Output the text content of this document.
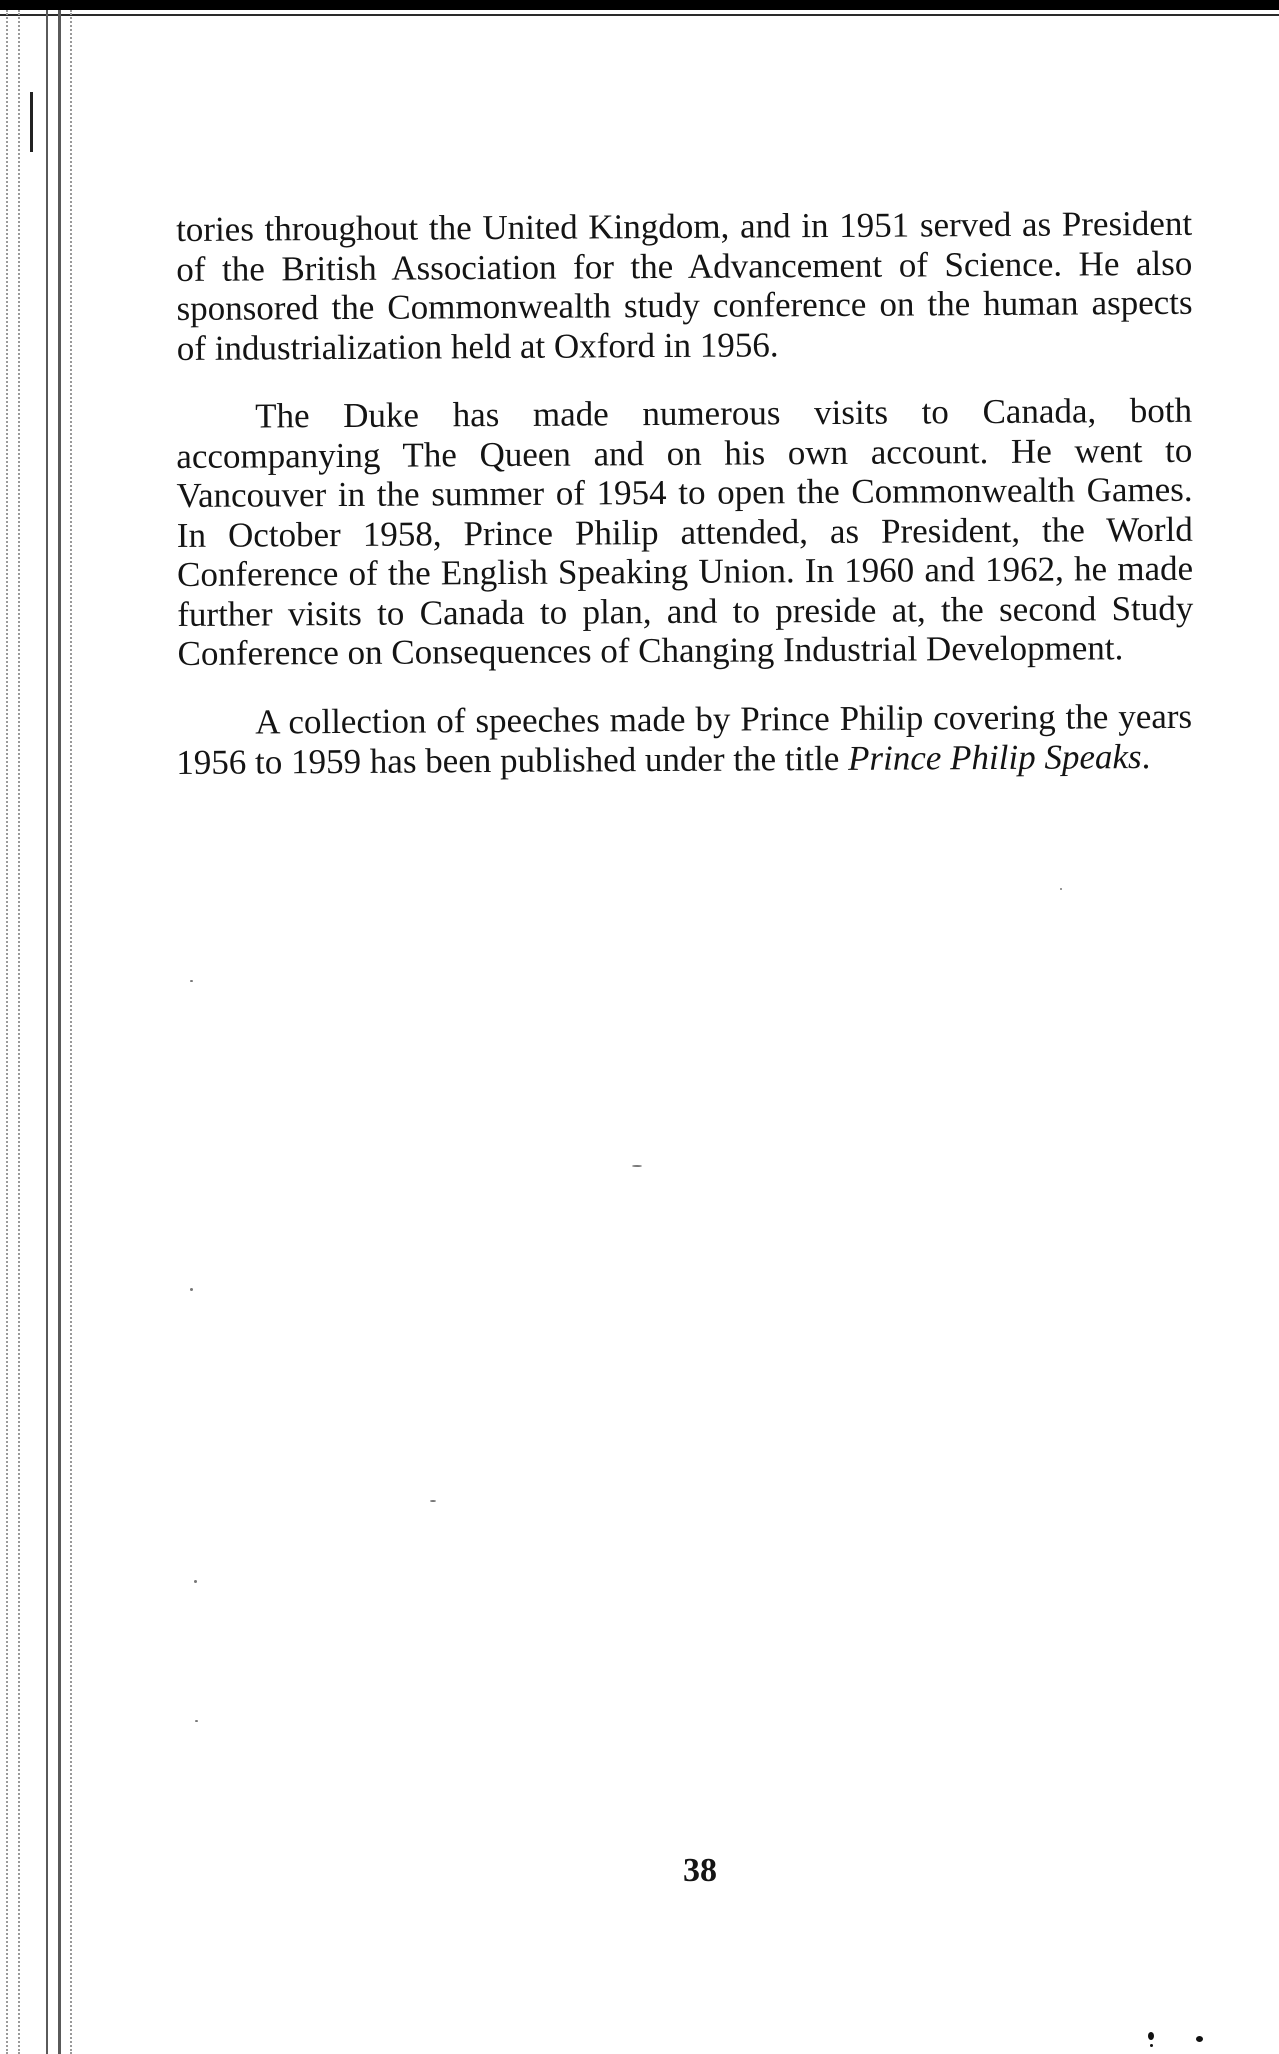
tories throughout the United Kingdom, and in 1951 served as President of the British Association for the Advancement of Science. He also sponsored the Commonwealth study conference on the human aspects of industrialization held at Oxford in 1956.

The Duke has made numerous visits to Canada, both accompanying The Queen and on his own account. He went to Vancouver in the summer of 1954 to open the Commonwealth Games. In October 1958, Prince Philip attended, as President, the World Conference of the English Speaking Union. In 1960 and 1962, he made further visits to Canada to plan, and to preside at, the second Study Conference on Consequences of Changing Industrial Development.

A collection of speeches made by Prince Philip covering the years 1956 to 1959 has been published under the title Prince Philip Speaks.

38
